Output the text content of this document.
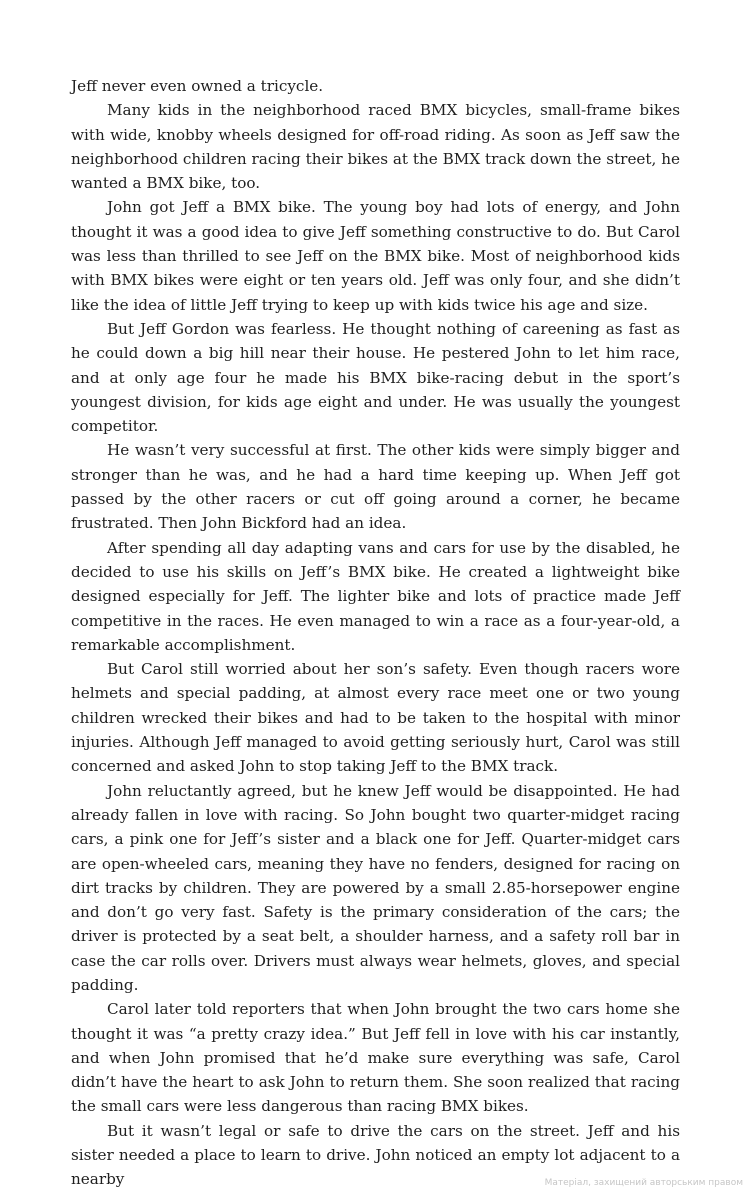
Jeff never even owned a tricycle.

Many kids in the neighborhood raced BMX bicycles, small-frame bikes with wide, knobby wheels designed for off-road riding. As soon as Jeff saw the neighborhood children racing their bikes at the BMX track down the street, he wanted a BMX bike, too.

John got Jeff a BMX bike. The young boy had lots of energy, and John thought it was a good idea to give Jeff something constructive to do. But Carol was less than thrilled to see Jeff on the BMX bike. Most of neighborhood kids with BMX bikes were eight or ten years old. Jeff was only four, and she didn’t like the idea of little Jeff trying to keep up with kids twice his age and size.

But Jeff Gordon was fearless. He thought nothing of careening as fast as he could down a big hill near their house. He pestered John to let him race, and at only age four he made his BMX bike-racing debut in the sport’s youngest division, for kids age eight and under. He was usually the youngest competitor.

He wasn’t very successful at first. The other kids were simply bigger and stronger than he was, and he had a hard time keeping up. When Jeff got passed by the other racers or cut off going around a corner, he became frustrated. Then John Bickford had an idea.

After spending all day adapting vans and cars for use by the disabled, he decided to use his skills on Jeff’s BMX bike. He created a lightweight bike designed especially for Jeff. The lighter bike and lots of practice made Jeff competitive in the races. He even managed to win a race as a four-year-old, a remarkable accomplishment.

But Carol still worried about her son’s safety. Even though racers wore helmets and special padding, at almost every race meet one or two young children wrecked their bikes and had to be taken to the hospital with minor injuries. Although Jeff managed to avoid getting seriously hurt, Carol was still concerned and asked John to stop taking Jeff to the BMX track.

John reluctantly agreed, but he knew Jeff would be disappointed. He had already fallen in love with racing. So John bought two quarter-midget racing cars, a pink one for Jeff’s sister and a black one for Jeff. Quarter-midget cars are open-wheeled cars, meaning they have no fenders, designed for racing on dirt tracks by children. They are powered by a small 2.85-horsepower engine and don’t go very fast. Safety is the primary consideration of the cars; the driver is protected by a seat belt, a shoulder harness, and a safety roll bar in case the car rolls over. Drivers must always wear helmets, gloves, and special padding.

Carol later told reporters that when John brought the two cars home she thought it was “a pretty crazy idea.” But Jeff fell in love with his car instantly, and when John promised that he’d make sure everything was safe, Carol didn’t have the heart to ask John to return them. She soon realized that racing the small cars were less dangerous than racing BMX bikes.

But it wasn’t legal or safe to drive the cars on the street. Jeff and his sister needed a place to learn to drive. John noticed an empty lot adjacent to a nearby	Матеріал, захищений авторським правом
